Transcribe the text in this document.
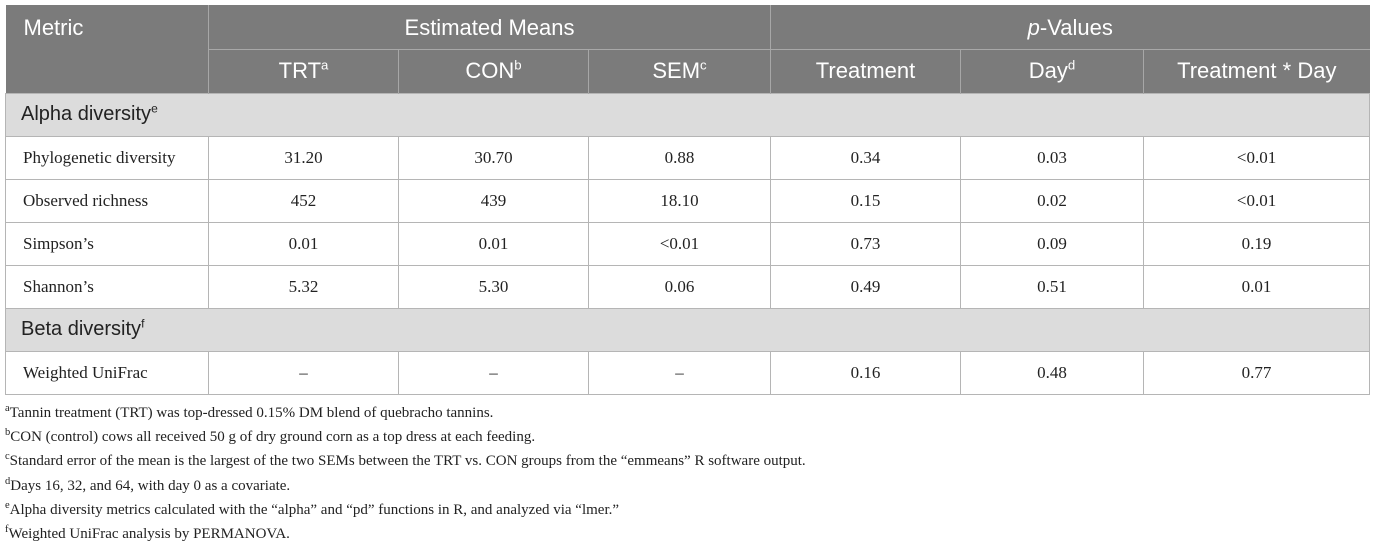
Metric	Estimated Means			p-Values		
	TRT$^a$	CON$^b$	SEM$^c$	Treatment	Day$^d$	Treatment * Day
Alpha diversity$^e$
Phylogenetic diversity	31.20	30.70	0.88	0.34	0.03	<0.01
Observed richness	452	439	18.10	0.15	0.02	<0.01
Simpson’s	0.01	0.01	<0.01	0.73	0.09	0.19
Shannon’s	5.32	5.30	0.06	0.49	0.51	0.01
Beta diversity$^f$
Weighted UniFrac	–	–	–	0.16	0.48	0.77
$^a$Tannin treatment (TRT) was top-dressed 0.15% DM blend of quebracho tannins.
$^b$CON (control) cows all received 50 g of dry ground corn as a top dress at each feeding.
$^c$Standard error of the mean is the largest of the two SEMs between the TRT vs. CON groups from the “emmeans” R software output.
$^d$Days 16, 32, and 64, with day 0 as a covariate.
$^e$Alpha diversity metrics calculated with the “alpha” and “pd” functions in R, and analyzed via “lmer.”
$^f$Weighted UniFrac analysis by PERMANOVA.
